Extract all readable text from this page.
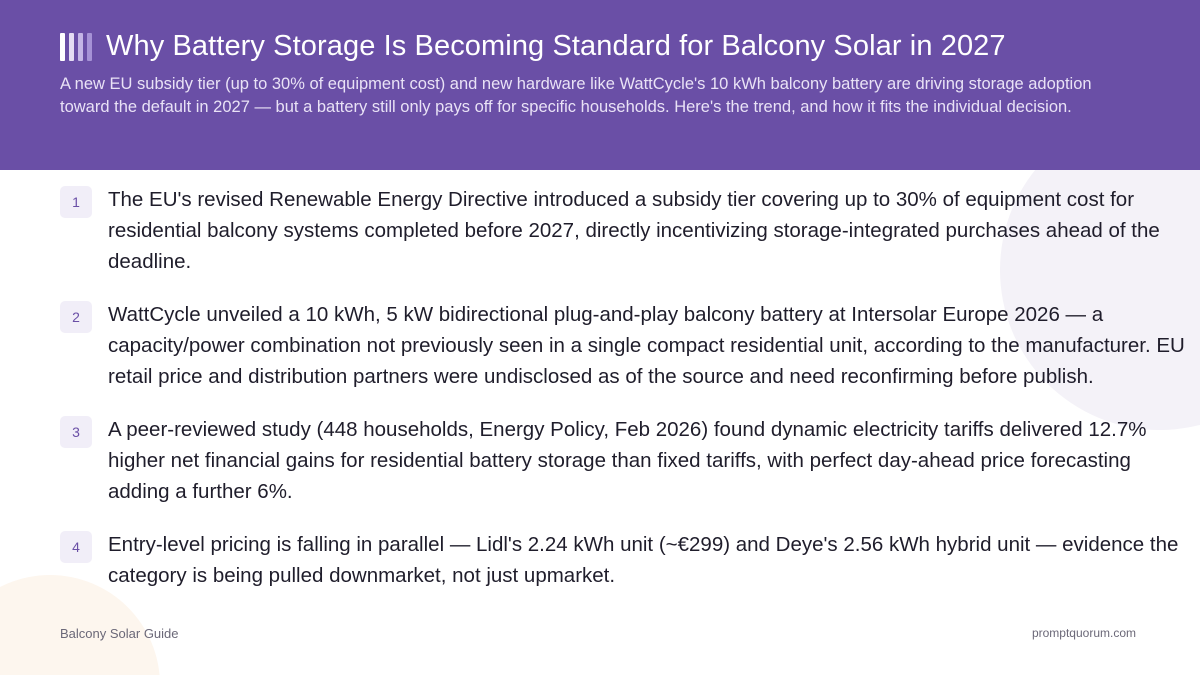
Why Battery Storage Is Becoming Standard for Balcony Solar in 2027

A new EU subsidy tier (up to 30% of equipment cost) and new hardware like WattCycle's 10 kWh balcony battery are driving storage adoption toward the default in 2027 — but a battery still only pays off for specific households. Here's the trend, and how it fits the individual decision.

1	The EU's revised Renewable Energy Directive introduced a subsidy tier covering up to 30% of equipment cost for residential balcony systems completed before 2027, directly incentivizing storage-integrated purchases ahead of the deadline.

2	WattCycle unveiled a 10 kWh, 5 kW bidirectional plug-and-play balcony battery at Intersolar Europe 2026 — a capacity/power combination not previously seen in a single compact residential unit, according to the manufacturer. EU retail price and distribution partners were undisclosed as of the source and need reconfirming before publish.

3	A peer-reviewed study (448 households, Energy Policy, Feb 2026) found dynamic electricity tariffs delivered 12.7% higher net financial gains for residential battery storage than fixed tariffs, with perfect day-ahead price forecasting adding a further 6%.

4	Entry-level pricing is falling in parallel — Lidl's 2.24 kWh unit (~€299) and Deye's 2.56 kWh hybrid unit — evidence the category is being pulled downmarket, not just upmarket.

Balcony Solar Guide	promptquorum.com
